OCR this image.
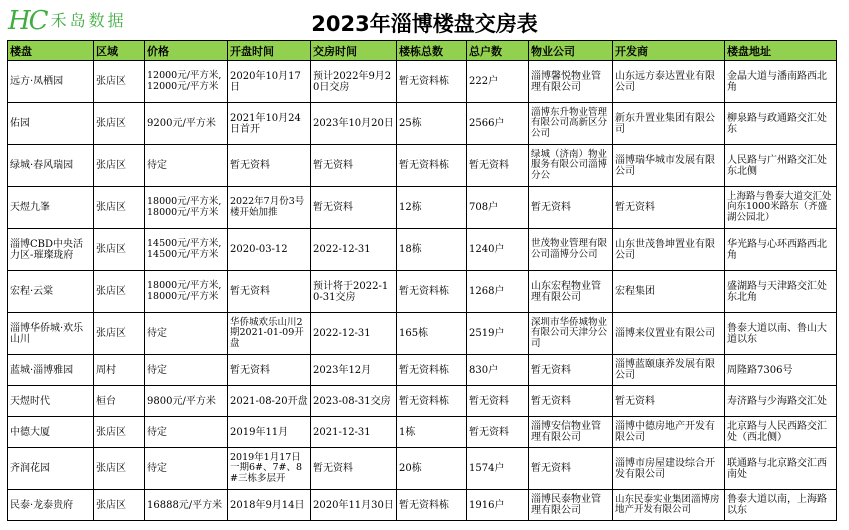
HC 禾岛数据	2023年淄博楼盘交房表
楼盘	区域	价格	开盘时间	交房时间	楼栋总数	总户数	物业公司	开发商	楼盘地址
远方·凤栖园	张店区	12000元/平方米,12000元/平方米	2020年10月17日	预计2022年9月20日交房	暂无资料栋	222户	淄博馨悦物业管理有限公司	山东远方泰达置业有限公司	金晶大道与潘南路西北角
佑园	张店区	9200元/平方米	2021年10月24日首开	2023年10月20日	25栋	2566户	淄博东升物业管理有限公司高新区分公司	新东升置业集团有限公司	柳泉路与政通路交汇处东
绿城·春风瑞园	张店区	待定	暂无资料	暂无资料	暂无资料栋	暂无资料	绿城（济南）物业服务有限公司淄博分公	淄博瑞华城市发展有限公司	人民路与广州路交汇处东北侧
天煜九峯	张店区	18000元/平方米,18000元/平方米	2022年7月份3号楼开始加推	暂无资料	12栋	708户	暂无资料	暂无资料	上海路与鲁泰大道交汇处向东1000米路东（齐盛湖公园北）
淄博CBD中央活力区-璀璨珑府	张店区	14500元/平方米,14500元/平方米	2020-03-12	2022-12-31	18栋	1240户	世茂物业管理有限公司淄博分公司	山东世茂鲁坤置业有限公司	华光路与心环西路西北角
宏程·云棠	张店区	18000元/平方米,18000元/平方米	暂无资料	预计将于2022-10-31交房	暂无资料栋	1268户	山东宏程物业管理有限公司	宏程集团	盛湖路与天津路交汇处东北角
淄博华侨城·欢乐山川	张店区	待定	华侨城欢乐山川2期2021-01-09开盘	2022-12-31	165栋	2519户	深圳市华侨城物业有限公司天津分公司	淄博来仪置业有限公司	鲁泰大道以南、鲁山大道以东
蓝城·淄博雅园	周村	待定	暂无资料	2023年12月	暂无资料栋	830户	暂无资料	淄博蓝颐康养发展有限公司	周隆路7306号
天煜时代	桓台	9800元/平方米	2021-08-20开盘	2023-08-31交房	暂无资料栋	暂无资料	暂无资料	暂无资料	寿济路与少海路交汇处
中德大厦	张店区	待定	2019年11月	2021-12-31	1栋	暂无资料	淄博安信物业管理有限公司	淄博中德房地产开发有限公司	北京路与人民西路交汇处（西北侧）
齐润花园	张店区	待定	2019年1月17日一期6#、7#、8#三栋多层开	暂无资料	20栋	1574户	暂无资料	淄博市房屋建设综合开发有限公司	联通路与北京路交汇西南处
民泰·龙泰贵府	张店区	16888元/平方米	2018年9月14日	2020年11月30日	暂无资料栋	1916户	淄博民泰物业管理有限公司	山东民泰实业集团淄博房地产开发有限公司	鲁泰大道以南，上海路以东
